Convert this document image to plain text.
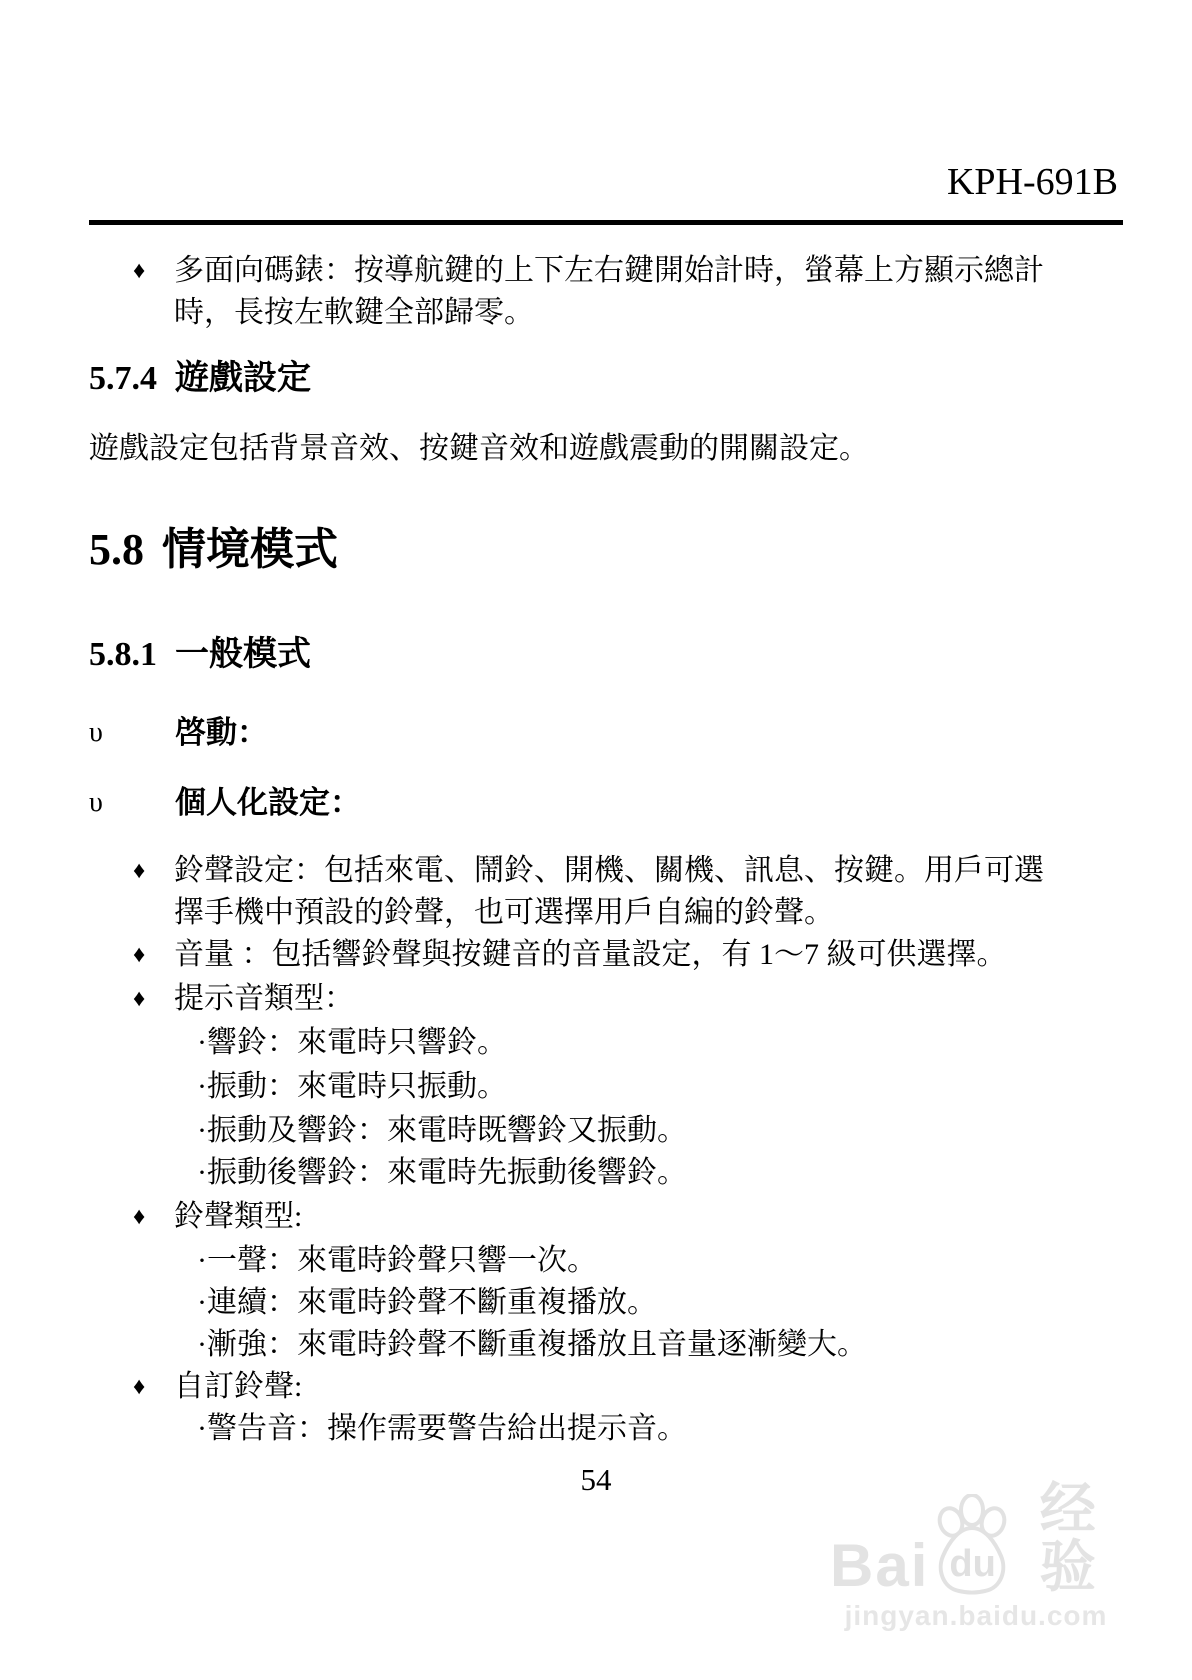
KPH-691B
♦ 多面向碼錶：按導航鍵的上下左右鍵開始計時，螢幕上方顯示總計時，長按左軟鍵全部歸零。
5.7.4 遊戲設定

遊戲設定包括背景音效、按鍵音效和遊戲震動的開關設定。

5.8 情境模式
5.8.1 一般模式
υ	啓動：
υ	個人化設定：
♦ 鈴聲設定：包括來電、鬧鈴、開機、關機、訊息、按鍵。用戶可選擇手機中預設的鈴聲，也可選擇用戶自編的鈴聲。
♦ 音量 ：包括響鈴聲與按鍵音的音量設定，有 1～7 級可供選擇。
♦ 提示音類型：
·響鈴：來電時只響鈴。
·振動：來電時只振動。
·振動及響鈴：來電時既響鈴又振動。
·振動後響鈴：來電時先振動後響鈴。
♦ 鈴聲類型:
·一聲：來電時鈴聲只響一次。
·連續：來電時鈴聲不斷重複播放。
·漸強：來電時鈴聲不斷重複播放且音量逐漸變大。
♦ 自訂鈴聲:
·警告音：操作需要警告給出提示音。
54
Bai du
经验
jingyan.baidu.com
